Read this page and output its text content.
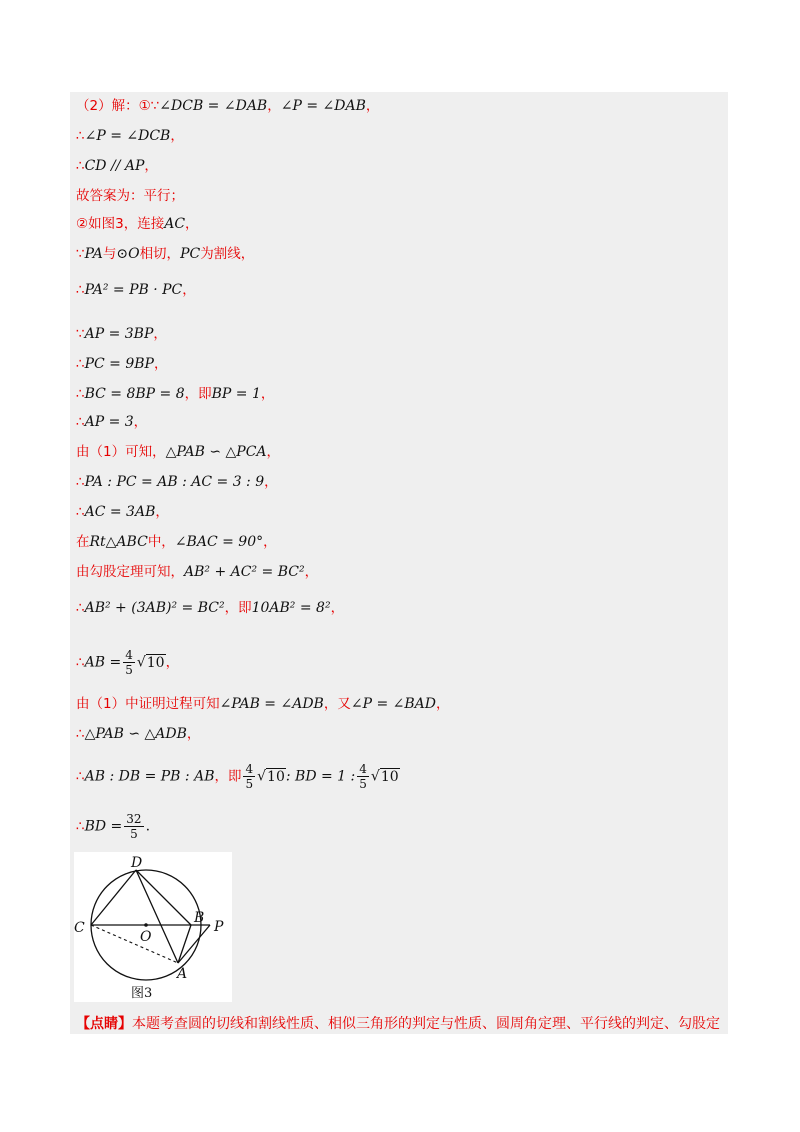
（2）解：①∵∠DCB = ∠DAB，∠P = ∠DAB，
∴∠P = ∠DCB，
∴CD // AP，
故答案为：平行；
②如图3，连接AC，
∵PA与⊙O相切，PC为割线，
∴PA² = PB · PC，
∵AP = 3BP，
∴PC = 9BP，
∴BC = 8BP = 8，即BP = 1，
∴AP = 3，
由（1）可知，△PAB ∽ △PCA，
∴PA : PC = AB : AC = 3 : 9，
∴AC = 3AB，
在Rt△ABC中，∠BAC = 90°，
由勾股定理可知，AB² + AC² = BC²，
∴AB² + (3AB)² = BC²，即10AB² = 8²，
∴AB = $\frac{4}{5} √10$，
由（1）中证明过程可知∠PAB = ∠ADB，又∠P = ∠BAD，
∴△PAB ∽ △ADB，
∴AB : DB = PB : AB，即 $\frac{4}{5} √10$: BD = 1 : $\frac{4}{5} √10$
∴BD = $\frac{32}{5}$ .
D
C
O
B
P
A
图3
【点睛】本题考查圆的切线和割线性质、相似三角形的判定与性质、圆周角定理、平行线的判定、勾股定
